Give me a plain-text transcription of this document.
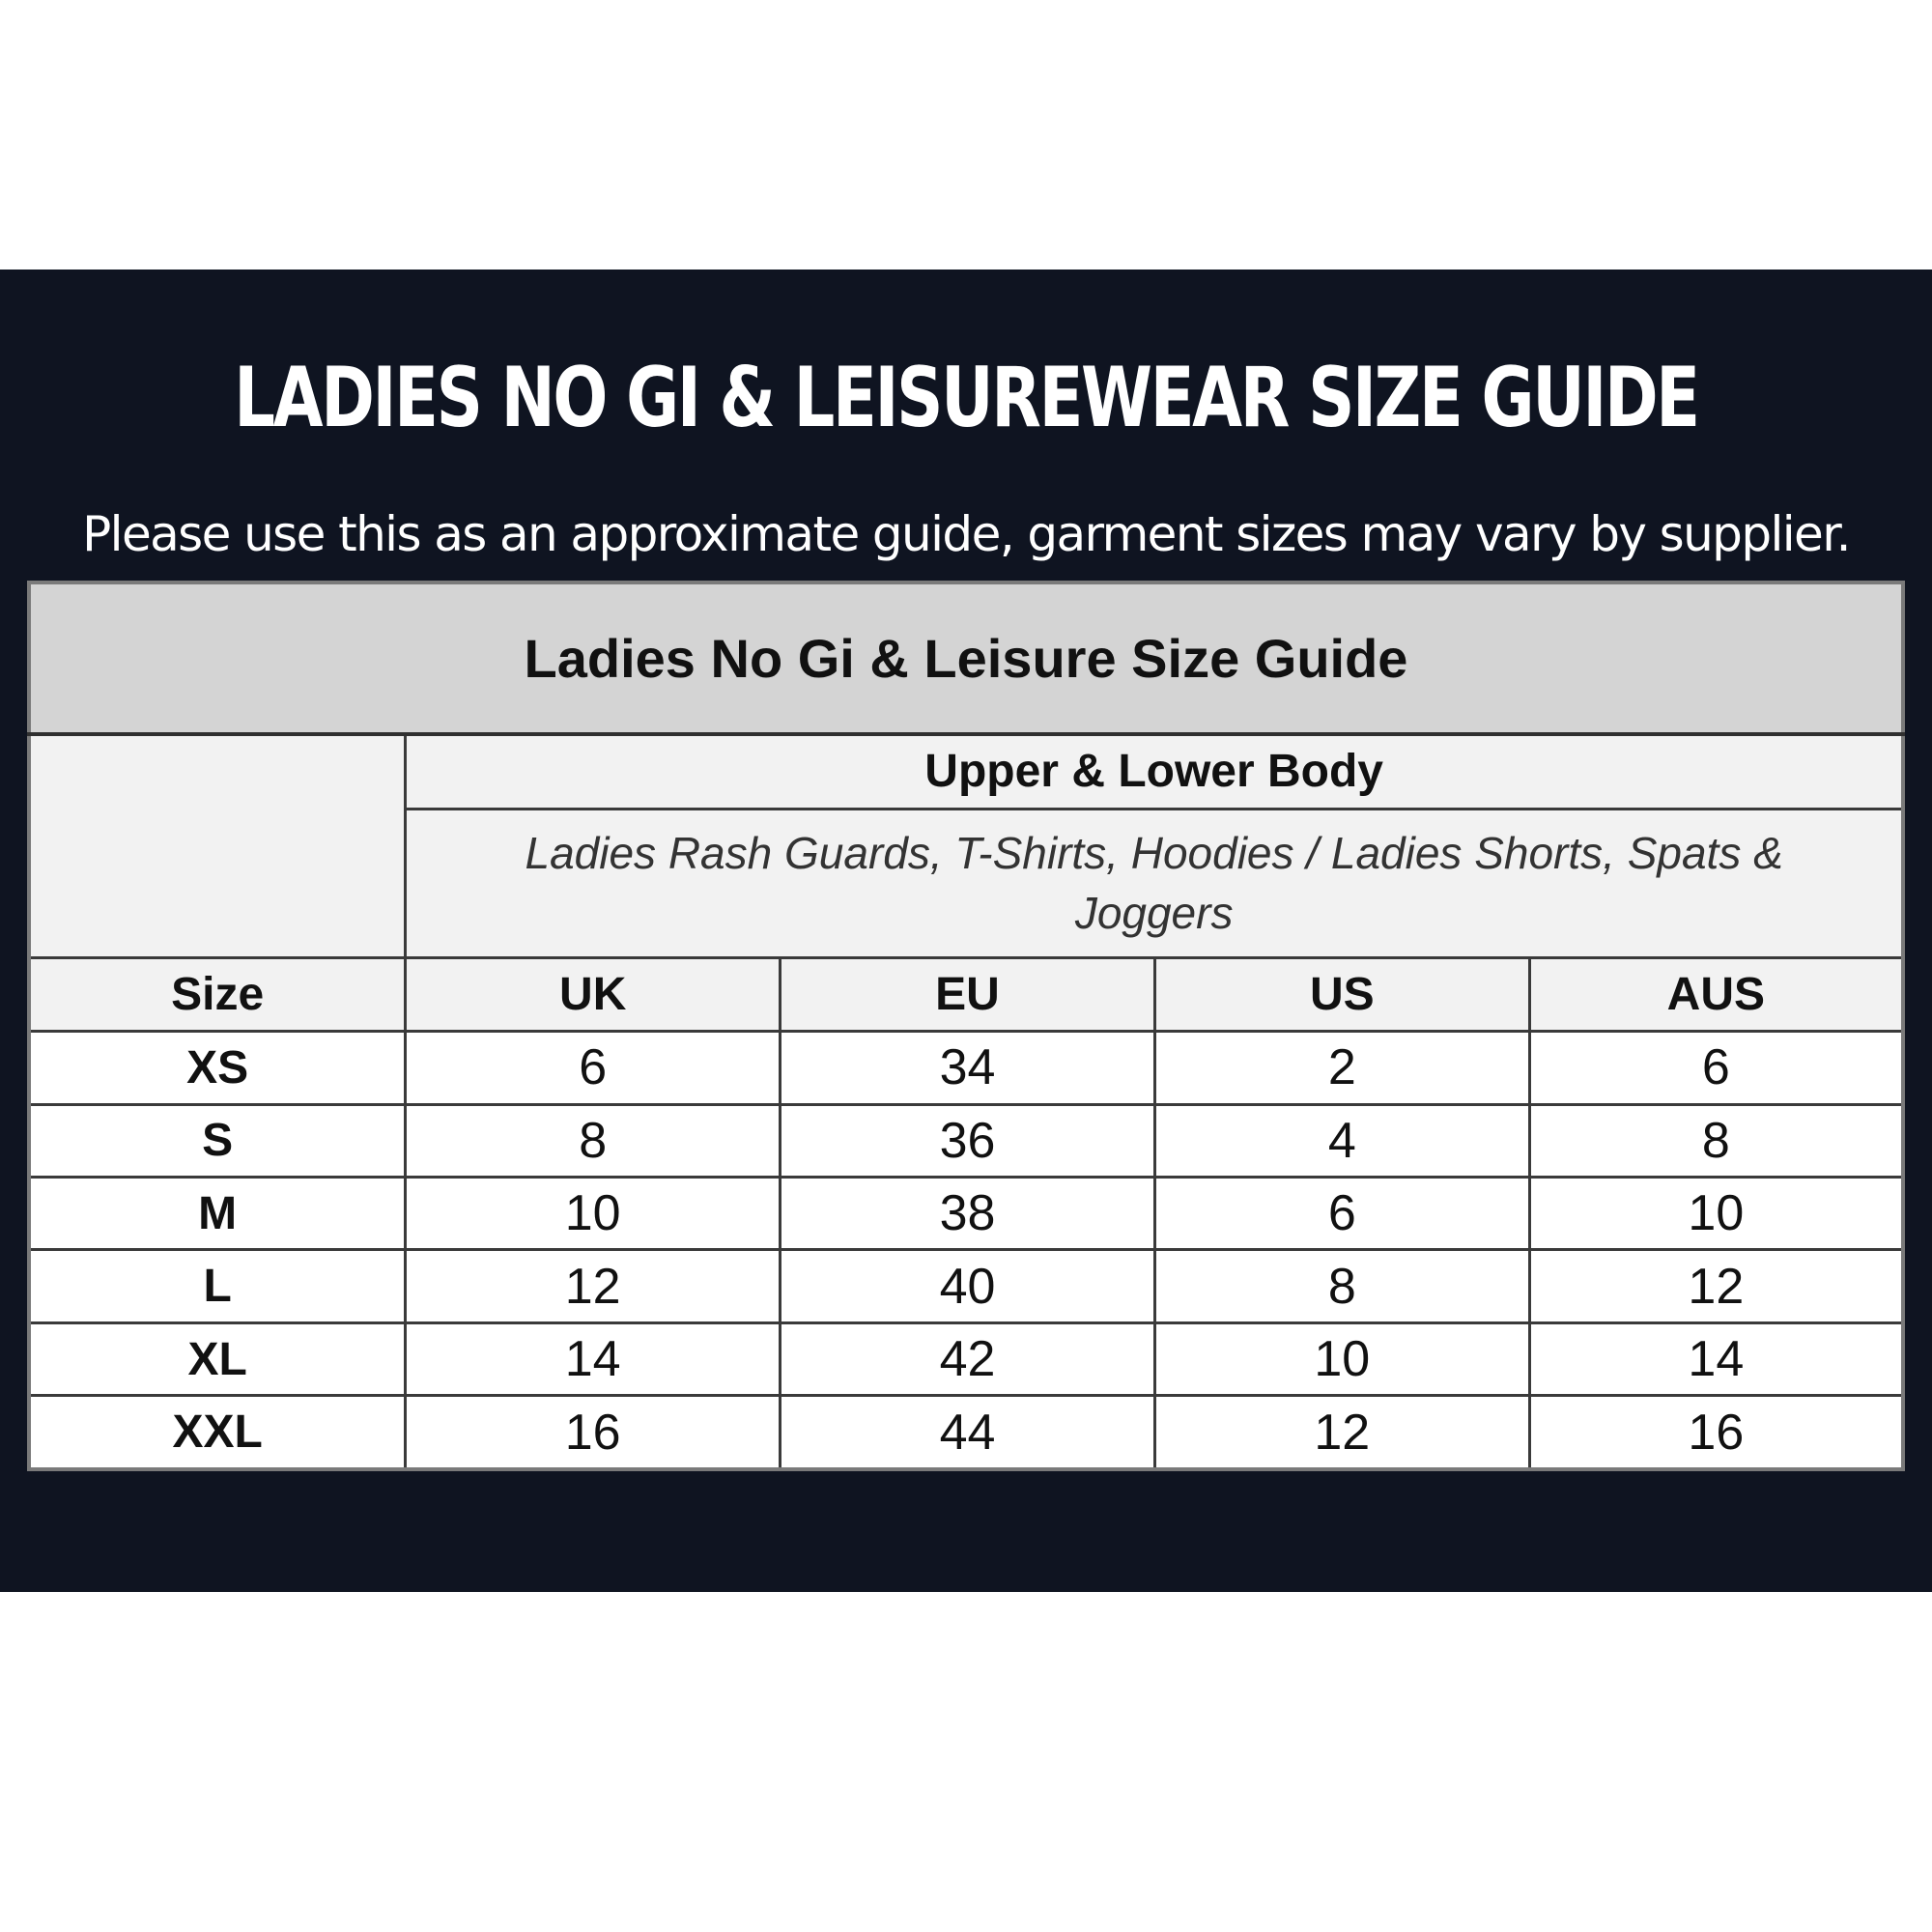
LADIES NO GI & LEISUREWEAR SIZE GUIDE
Please use this as an approximate guide, garment sizes may vary by supplier.
Ladies No Gi & Leisure Size Guide				
	Upper & Lower Body			
	Ladies Rash Guards, T-Shirts, Hoodies / Ladies Shorts, Spats & Joggers			
Size	UK	EU	US	AUS
XS	6	34	2	6
S	8	36	4	8
M	10	38	6	10
L	12	40	8	12
XL	14	42	10	14
XXL	16	44	12	16
